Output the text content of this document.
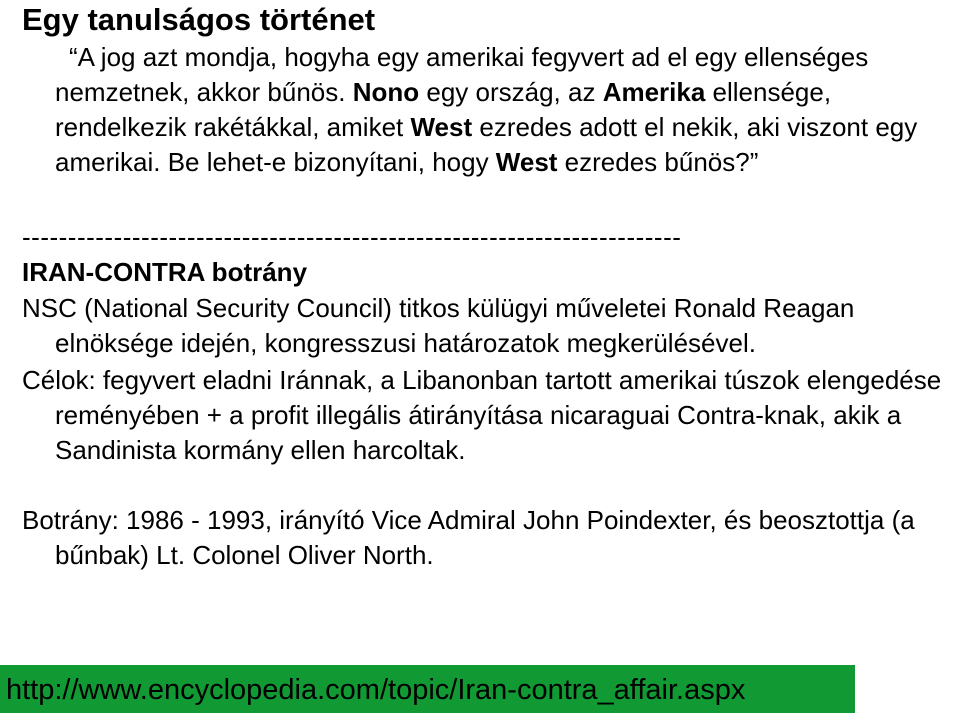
Egy tanulságos történet
“A jog azt mondja, hogyha egy amerikai fegyvert ad el egy ellenséges nemzetnek, akkor bűnös. Nono egy ország, az Amerika ellensége, rendelkezik rakétákkal, amiket West ezredes adott el nekik, aki viszont egy amerikai. Be lehet-e bizonyítani, hogy West ezredes bűnös?”
------------------------------------------------------------------------
IRAN-CONTRA botrány
NSC (National Security Council) titkos külügyi műveletei Ronald Reagan elnöksége idején, kongresszusi határozatok megkerülésével.
Célok: fegyvert eladni Iránnak, a Libanonban tartott amerikai túszok elengedése reményében + a profit illegális átirányítása nicaraguai Contra-knak, akik a Sandinista kormány ellen harcoltak.
Botrány: 1986 - 1993, irányító Vice Admiral John Poindexter, és beosztottja (a bűnbak) Lt. Colonel Oliver North.
http://www.encyclopedia.com/topic/Iran-contra_affair.aspx
